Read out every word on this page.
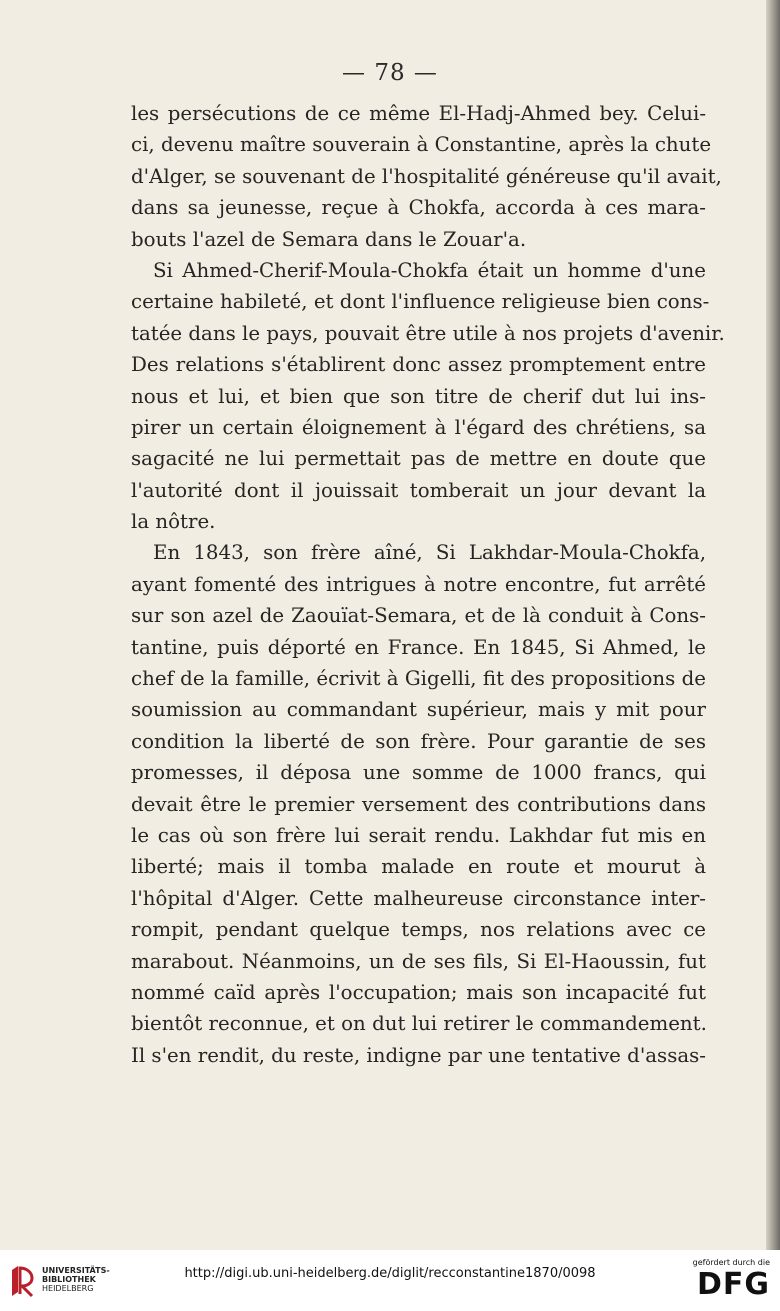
— 78 —
les persécutions de ce même El-Hadj-Ahmed bey. Celui-
ci, devenu maître souverain à Constantine, après la chute
d'Alger, se souvenant de l'hospitalité généreuse qu'il avait,
dans sa jeunesse, reçue à Chokfa, accorda à ces mara-
bouts l'azel de Semara dans le Zouar'a.
Si Ahmed-Cherif-Moula-Chokfa était un homme d'une
certaine habileté, et dont l'influence religieuse bien cons-
tatée dans le pays, pouvait être utile à nos projets d'avenir.
Des relations s'établirent donc assez promptement entre
nous et lui, et bien que son titre de cherif dut lui ins-
pirer un certain éloignement à l'égard des chrétiens, sa
sagacité ne lui permettait pas de mettre en doute que
l'autorité dont il jouissait tomberait un jour devant la
la nôtre.
En 1843, son frère aîné, Si Lakhdar-Moula-Chokfa,
ayant fomenté des intrigues à notre encontre, fut arrêté
sur son azel de Zaouïat-Semara, et de là conduit à Cons-
tantine, puis déporté en France. En 1845, Si Ahmed, le
chef de la famille, écrivit à Gigelli, fit des propositions de
soumission au commandant supérieur, mais y mit pour
condition la liberté de son frère. Pour garantie de ses
promesses, il déposa une somme de 1000 francs, qui
devait être le premier versement des contributions dans
le cas où son frère lui serait rendu. Lakhdar fut mis en
liberté; mais il tomba malade en route et mourut à
l'hôpital d'Alger. Cette malheureuse circonstance inter-
rompit, pendant quelque temps, nos relations avec ce
marabout. Néanmoins, un de ses fils, Si El-Haoussin, fut
nommé caïd après l'occupation; mais son incapacité fut
bientôt reconnue, et on dut lui retirer le commandement.
Il s'en rendit, du reste, indigne par une tentative d'assas-
UNIVERSITÄTS-
BIBLIOTHEK
HEIDELBERG
http://digi.ub.uni-heidelberg.de/diglit/recconstantine1870/0098
gefördert durch die
DFG
